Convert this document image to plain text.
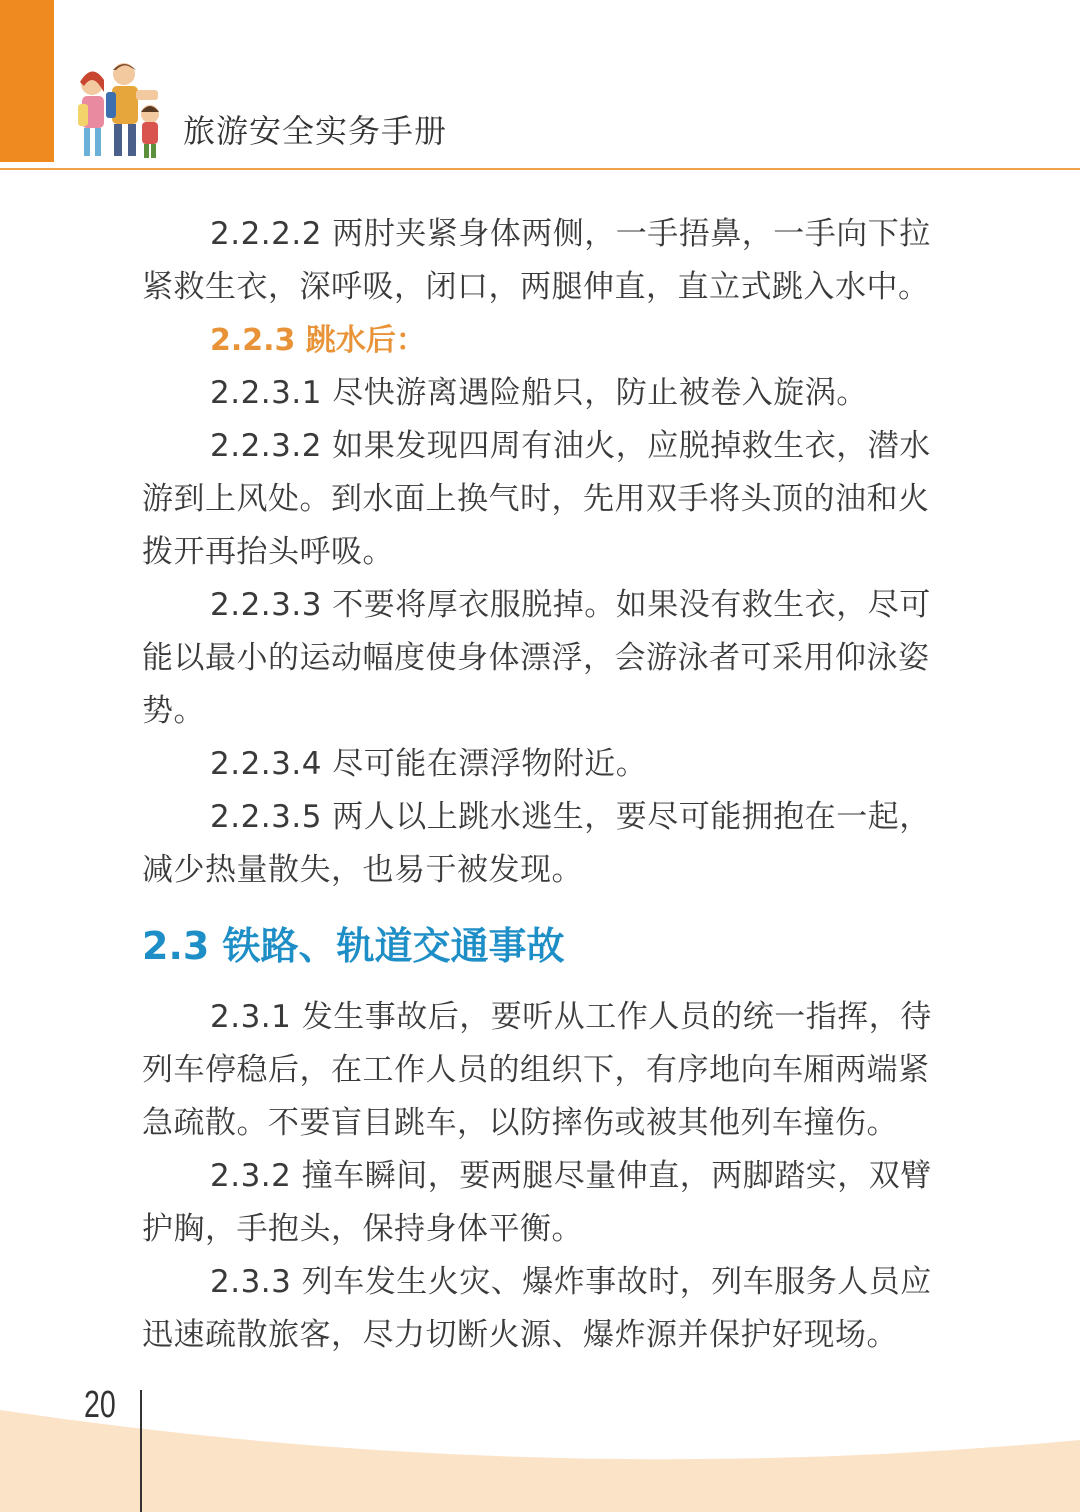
旅游安全实务手册

2.2.2.2 两肘夹紧身体两侧，一手捂鼻，一手向下拉紧救生衣，深呼吸，闭口，两腿伸直，直立式跳入水中。

2.2.3 跳水后：

2.2.3.1 尽快游离遇险船只，防止被卷入旋涡。

2.2.3.2 如果发现四周有油火，应脱掉救生衣，潜水游到上风处。到水面上换气时，先用双手将头顶的油和火拨开再抬头呼吸。

2.2.3.3 不要将厚衣服脱掉。如果没有救生衣，尽可能以最小的运动幅度使身体漂浮，会游泳者可采用仰泳姿势。

2.2.3.4 尽可能在漂浮物附近。

2.2.3.5 两人以上跳水逃生，要尽可能拥抱在一起，减少热量散失，也易于被发现。

2.3 铁路、轨道交通事故

2.3.1 发生事故后，要听从工作人员的统一指挥，待列车停稳后，在工作人员的组织下，有序地向车厢两端紧急疏散。不要盲目跳车，以防摔伤或被其他列车撞伤。

2.3.2 撞车瞬间，要两腿尽量伸直，两脚踏实，双臂护胸，手抱头，保持身体平衡。

2.3.3 列车发生火灾、爆炸事故时，列车服务人员应迅速疏散旅客，尽力切断火源、爆炸源并保护好现场。

20
